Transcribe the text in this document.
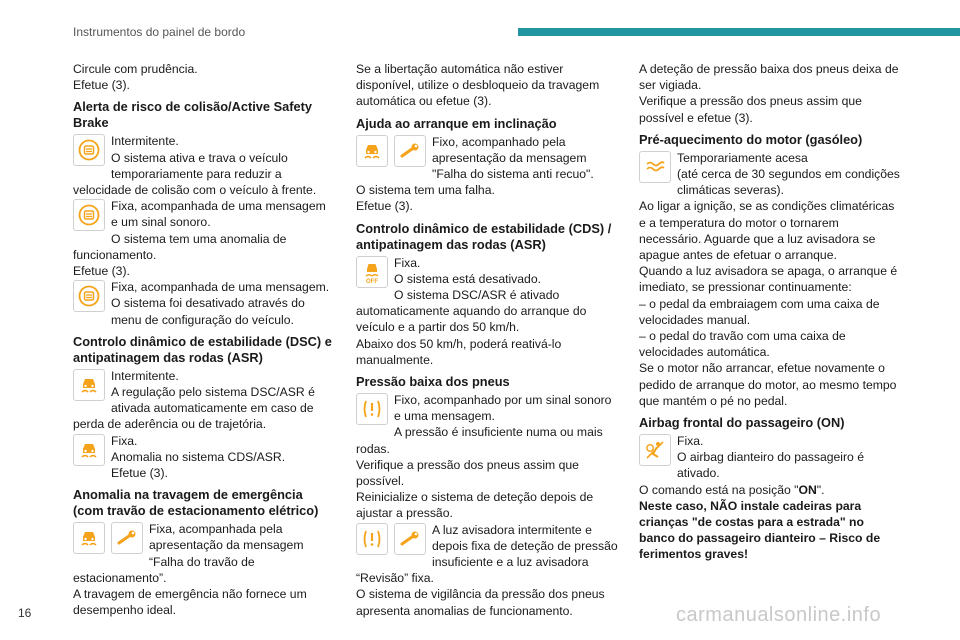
Instrumentos do painel de bordo

Circule com prudência.

Efetue (3).

Alerta de risco de colisão/Active Safety Brake

Intermitente.

O sistema ativa e trava o veículo temporariamente para reduzir a velocidade de colisão com o veículo à frente.

Fixa, acompanhada de uma mensagem e um sinal sonoro.

O sistema tem uma anomalia de funcionamento.

Efetue (3).

Fixa, acompanhada de uma mensagem.

O sistema foi desativado através do menu de configuração do veículo.

Controlo dinâmico de estabilidade (DSC) e antipatinagem das rodas (ASR)

Intermitente.

A regulação pelo sistema DSC/ASR é ativada automaticamente em caso de perda de aderência ou de trajetória.

Fixa.

Anomalia no sistema CDS/ASR.

Efetue (3).

Anomalia na travagem de emergência (com travão de estacionamento elétrico)

Fixa, acompanhada pela apresentação da mensagem “Falha do travão de estacionamento”.

A travagem de emergência não fornece um desempenho ideal.

Se a libertação automática não estiver disponível, utilize o desbloqueio da travagem automática ou efetue (3).

Ajuda ao arranque em inclinação

Fixo, acompanhado pela apresentação da mensagem "Falha do sistema anti recuo".

O sistema tem uma falha.

Efetue (3).

Controlo dinâmico de estabilidade (CDS) / antipatinagem das rodas (ASR)
OFF

Fixa.

O sistema está desativado.

O sistema DSC/ASR é ativado automaticamente aquando do arranque do veículo e a partir dos 50 km/h.

Abaixo dos 50 km/h, poderá reativá-lo manualmente.

Pressão baixa dos pneus

Fixo, acompanhado por um sinal sonoro e uma mensagem.

A pressão é insuficiente numa ou mais rodas.

Verifique a pressão dos pneus assim que possível.

Reinicialize o sistema de deteção depois de ajustar a pressão.

A luz avisadora intermitente e depois fixa de deteção de pressão insuficiente e a luz avisadora “Revisão” fixa.

O sistema de vigilância da pressão dos pneus apresenta anomalias de funcionamento.

A deteção de pressão baixa dos pneus deixa de ser vigiada.

Verifique a pressão dos pneus assim que possível e efetue (3).

Pré-aquecimento do motor (gasóleo)

Temporariamente acesa

(até cerca de 30 segundos em condições climáticas severas).

Ao ligar a ignição, se as condições climatéricas e a temperatura do motor o tornarem necessário. Aguarde que a luz avisadora se apague antes de efetuar o arranque.

Quando a luz avisadora se apaga, o arranque é imediato, se pressionar continuamente:

– o pedal da embraiagem com uma caixa de velocidades manual.

– o pedal do travão com uma caixa de velocidades automática.

Se o motor não arrancar, efetue novamente o pedido de arranque do motor, ao mesmo tempo que mantém o pé no pedal.

Airbag frontal do passageiro (ON)

Fixa.

O airbag dianteiro do passageiro é ativado.

O comando está na posição "ON".

Neste caso, NÃO instale cadeiras para crianças "de costas para a estrada" no banco do passageiro dianteiro – Risco de ferimentos graves!

16	carmanualsonline.info
